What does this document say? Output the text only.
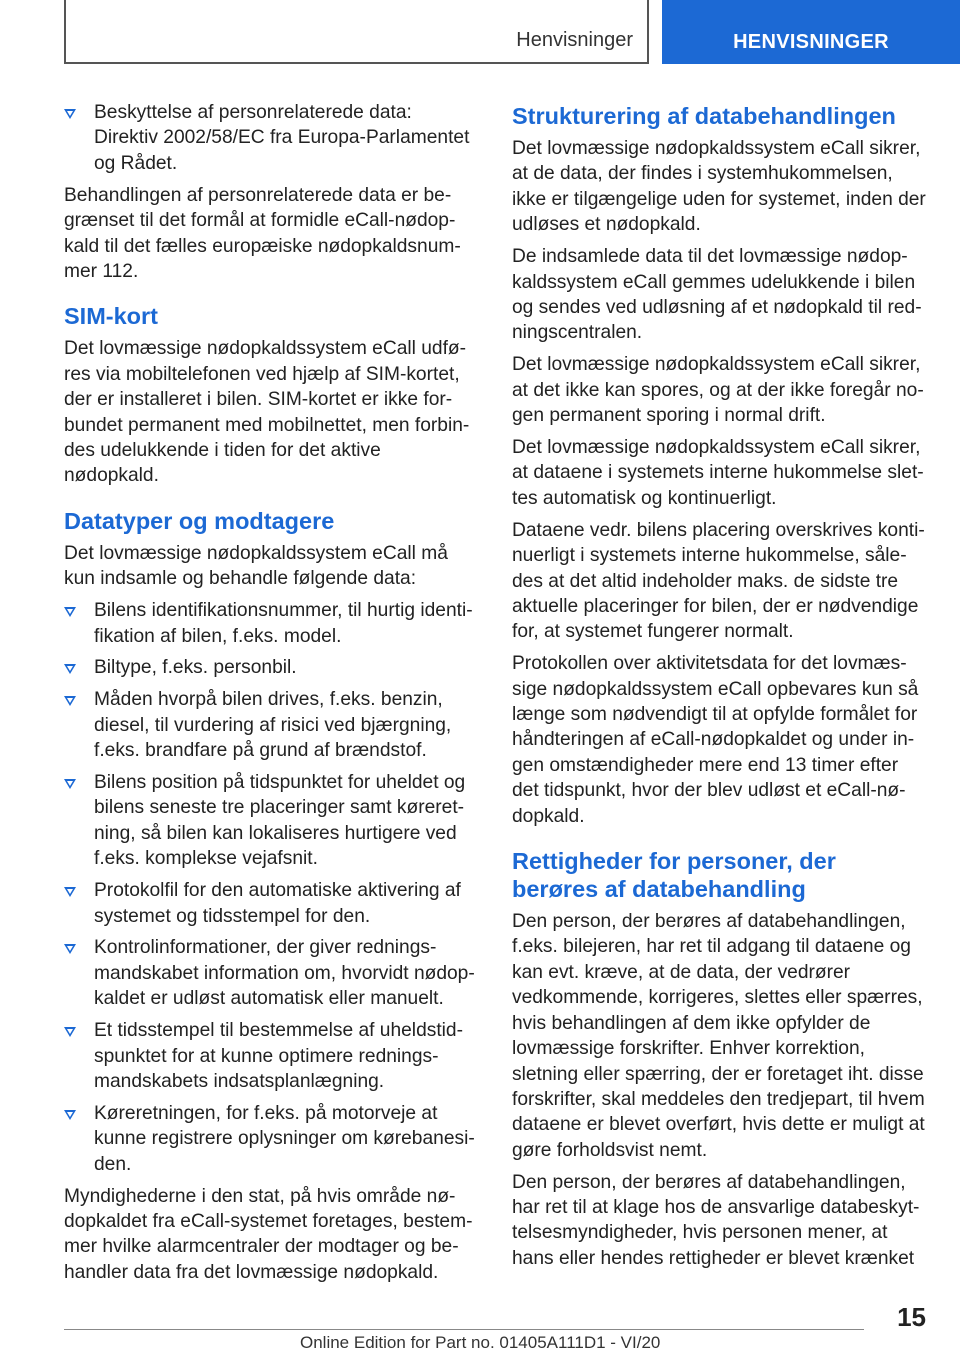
Henvisninger	HENVISNINGER
Beskyttelse af personrelaterede data: Direktiv 2002/58/EC fra Europa-Parlamentet og Rådet.

Behandlingen af personrelaterede data er begrænset til det formål at formidle eCall-nødopkald til det fælles europæiske nødopkaldsnummer 112.

SIM-kort

Det lovmæssige nødopkaldssystem eCall udføres via mobiltelefonen ved hjælp af SIM-kortet, der er installeret i bilen. SIM-kortet er ikke forbundet permanent med mobilnettet, men forbindes udelukkende i tiden for det aktive nødopkald.

Datatyper og modtagere

Det lovmæssige nødopkaldssystem eCall må kun indsamle og behandle følgende data:

Bilens identifikationsnummer, til hurtig identifikation af bilen, f.eks. model.
Biltype, f.eks. personbil.
Måden hvorpå bilen drives, f.eks. benzin, diesel, til vurdering af risici ved bjærgning, f.eks. brandfare på grund af brændstof.
Bilens position på tidspunktet for uheldet og bilens seneste tre placeringer samt køreretning, så bilen kan lokaliseres hurtigere ved f.eks. komplekse vejafsnit.
Protokolfil for den automatiske aktivering af systemet og tidsstempel for den.
Kontrolinformationer, der giver redningsmandskabet information om, hvorvidt nødopkaldet er udløst automatisk eller manuelt.
Et tidsstempel til bestemmelse af uheldstidspunktet for at kunne optimere redningsmandskabets indsatsplanlægning.
Køreretningen, for f.eks. på motorveje at kunne registrere oplysninger om kørebanesiden.

Myndighederne i den stat, på hvis område nødopkaldet fra eCall-systemet foretages, bestemmer hvilke alarmcentraler der modtager og behandler data fra det lovmæssige nødopkald.

Strukturering af databehandlingen

Det lovmæssige nødopkaldssystem eCall sikrer, at de data, der findes i systemhukommelsen, ikke er tilgængelige uden for systemet, inden der udløses et nødopkald.

De indsamlede data til det lovmæssige nødopkaldssystem eCall gemmes udelukkende i bilen og sendes ved udløsning af et nødopkald til redningscentralen.

Det lovmæssige nødopkaldssystem eCall sikrer, at det ikke kan spores, og at der ikke foregår nogen permanent sporing i normal drift.

Det lovmæssige nødopkaldssystem eCall sikrer, at dataene i systemets interne hukommelse slettes automatisk og kontinuerligt.

Dataene vedr. bilens placering overskrives kontinuerligt i systemets interne hukommelse, således at det altid indeholder maks. de sidste tre aktuelle placeringer for bilen, der er nødvendige for, at systemet fungerer normalt.

Protokollen over aktivitetsdata for det lovmæssige nødopkaldssystem eCall opbevares kun så længe som nødvendigt til at opfylde formålet for håndteringen af eCall-nødopkaldet og under ingen omstændigheder mere end 13 timer efter det tidspunkt, hvor der blev udløst et eCall-nødopkald.

Rettigheder for personer, der berøres af databehandling

Den person, der berøres af databehandlingen, f.eks. bilejeren, har ret til adgang til dataene og kan evt. kræve, at de data, der vedrører vedkommende, korrigeres, slettes eller spærres, hvis behandlingen af dem ikke opfylder de lovmæssige forskrifter. Enhver korrektion, sletning eller spærring, der er foretaget iht. disse forskrifter, skal meddeles den tredjepart, til hvem dataene er blevet overført, hvis dette er muligt at gøre forholdsvist nemt.

Den person, der berøres af databehandlingen, har ret til at klage hos de ansvarlige databeskyttelsesmyndigheder, hvis personen mener, at hans eller hendes rettigheder er blevet krænket

15
Online Edition for Part no. 01405A111D1 - VI/20
